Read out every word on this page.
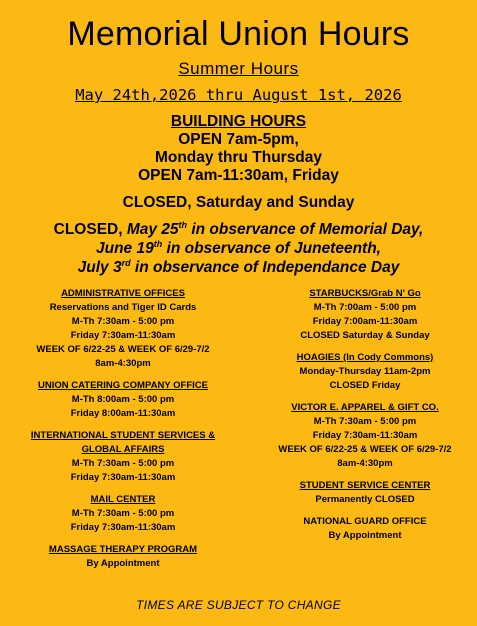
Memorial Union Hours
Summer Hours
May 24th,2026 thru August 1st, 2026
BUILDING HOURS
OPEN 7am-5pm,
Monday thru Thursday
OPEN 7am-11:30am, Friday
CLOSED, Saturday and Sunday
CLOSED, May 25th in observance of Memorial Day,
June 19th in observance of Juneteenth,
July 3rd in observance of Independance Day
ADMINISTRATIVE OFFICES
Reservations and Tiger ID Cards
M-Th 7:30am - 5:00 pm
Friday 7:30am-11:30am
WEEK OF 6/22-25 & WEEK OF 6/29-7/2
8am-4:30pm
UNION CATERING COMPANY OFFICE
M-Th 8:00am - 5:00 pm
Friday 8:00am-11:30am
INTERNATIONAL STUDENT SERVICES &
GLOBAL AFFAIRS
M-Th 7:30am - 5:00 pm
Friday 7:30am-11:30am
MAIL CENTER
M-Th 7:30am - 5:00 pm
Friday 7:30am-11:30am
MASSAGE THERAPY PROGRAM
By Appointment
STARBUCKS/Grab N' Go
M-Th 7:00am - 5:00 pm
Friday 7:00am-11:30am
CLOSED Saturday & Sunday
HOAGIES (In Cody Commons)
Monday-Thursday 11am-2pm
CLOSED Friday
VICTOR E. APPAREL & GIFT CO.
M-Th 7:30am - 5:00 pm
Friday 7:30am-11:30am
WEEK OF 6/22-25 & WEEK OF 6/29-7/2
8am-4:30pm
STUDENT SERVICE CENTER
Permanently CLOSED
NATIONAL GUARD OFFICE
By Appointment
TIMES ARE SUBJECT TO CHANGE
